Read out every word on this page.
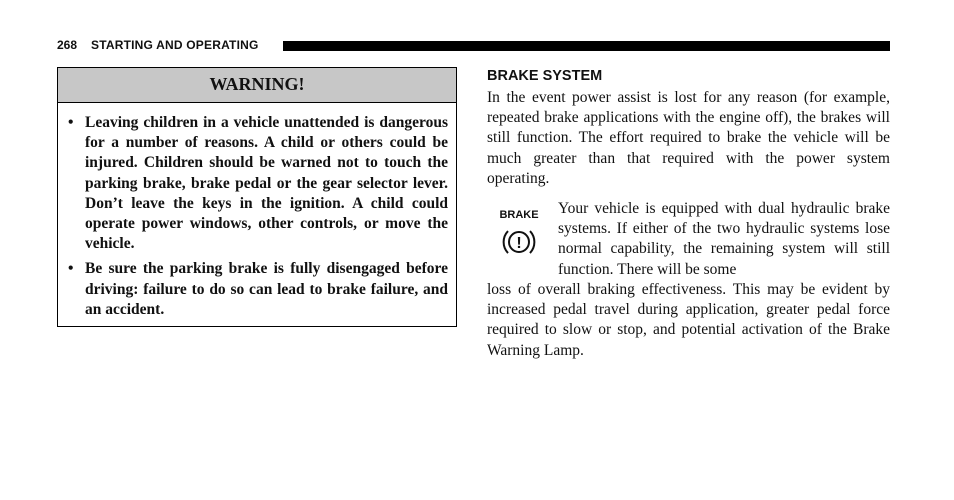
268 STARTING AND OPERATING
WARNING!
• Leaving children in a vehicle unattended is dangerous for a number of reasons. A child or others could be injured. Children should be warned not to touch the parking brake, brake pedal or the gear selector lever. Don’t leave the keys in the ignition. A child could operate power windows, other controls, or move the vehicle.
• Be sure the parking brake is fully disengaged before driving: failure to do so can lead to brake failure, and an accident.
BRAKE SYSTEM

In the event power assist is lost for any reason (for example, repeated brake applications with the engine off), the brakes will still function. The effort required to brake the vehicle will be much greater than that required with the power system operating.

BRAKE
!

Your vehicle is equipped with dual hydraulic brake systems. If either of the two hydraulic systems lose normal capability, the remaining system will still function. There will be some

loss of overall braking effectiveness. This may be evident by increased pedal travel during application, greater pedal force required to slow or stop, and potential activation of the Brake Warning Lamp.
